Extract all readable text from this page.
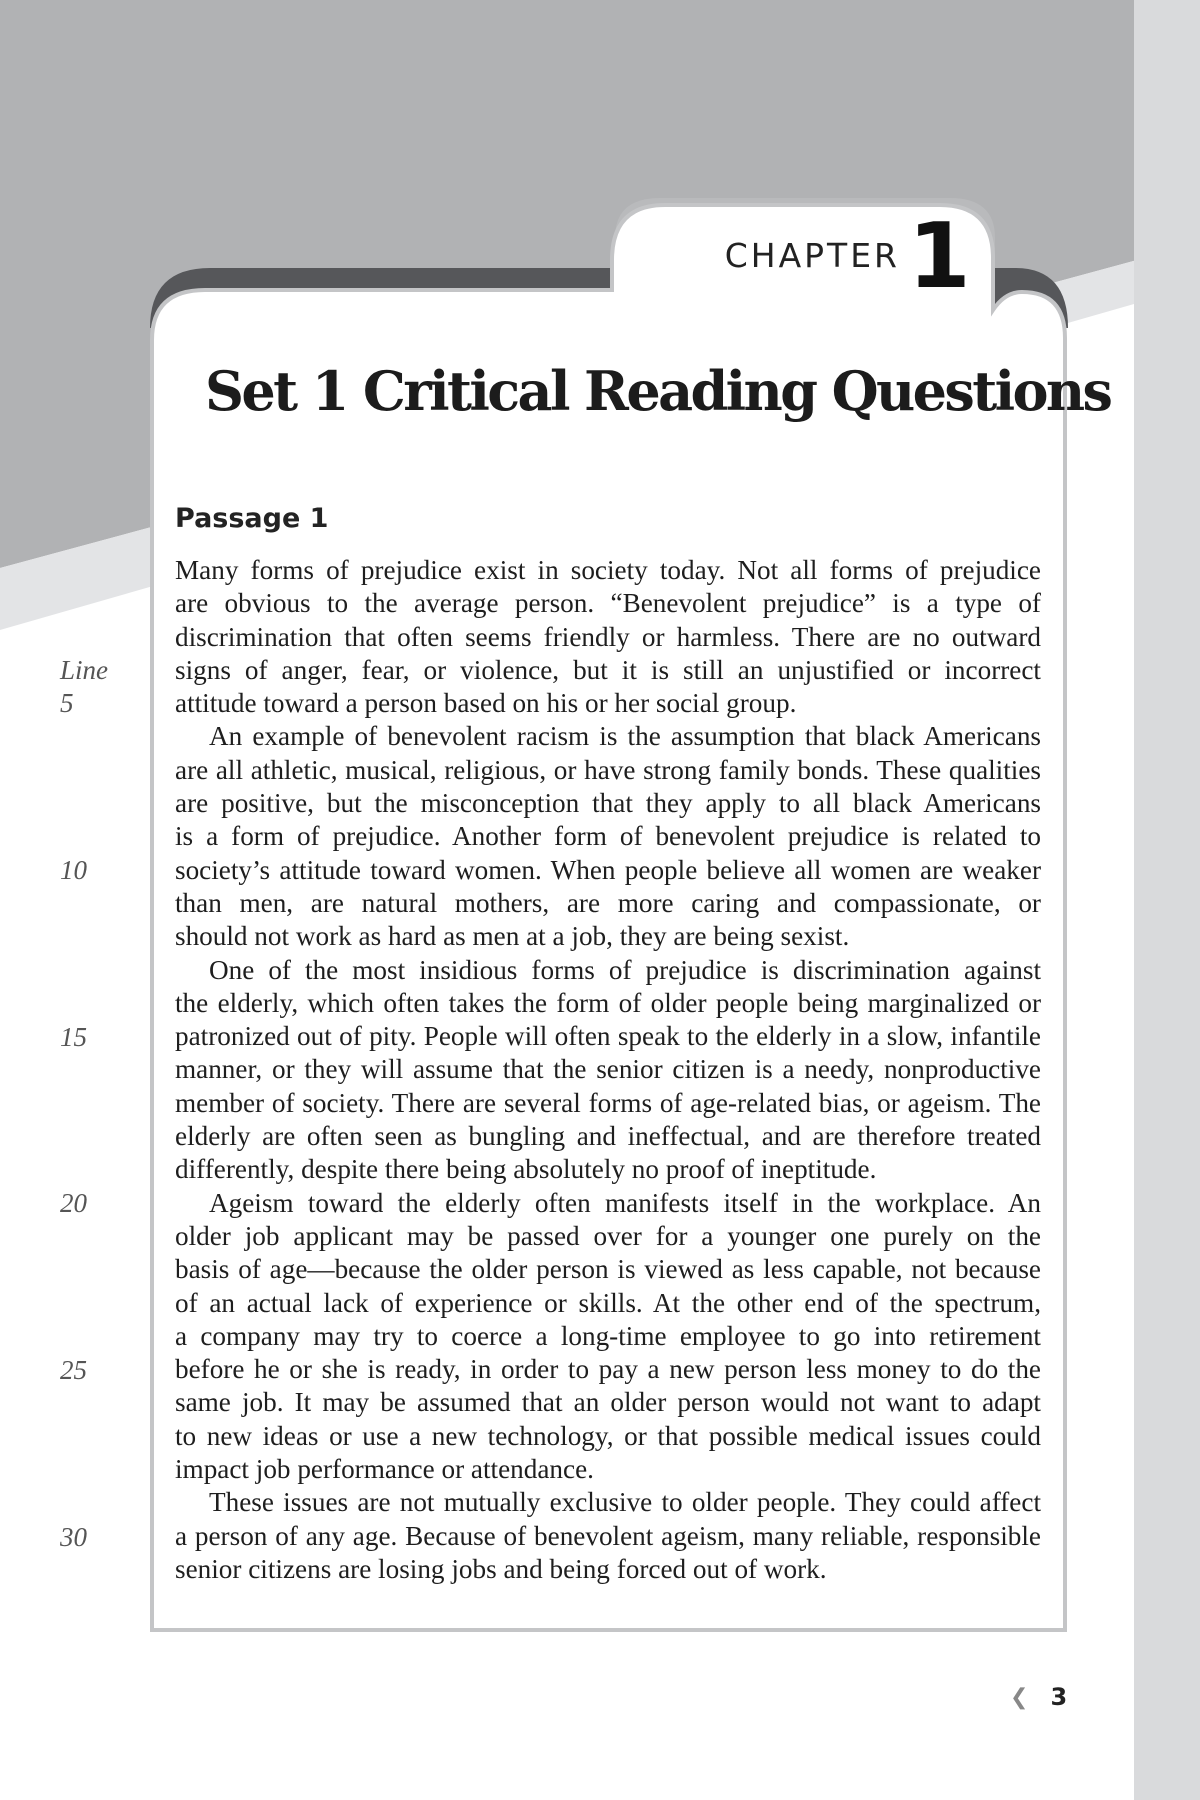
CHAPTER 1
Set 1 Critical Reading Questions
Passage 1
Many forms of prejudice exist in society today. Not all forms of prejudice
are obvious to the average person. “Benevolent prejudice” is a type of
discrimination that often seems friendly or harmless. There are no outward
signs of anger, fear, or violence, but it is still an unjustified or incorrect
attitude toward a person based on his or her social group.
An example of benevolent racism is the assumption that black Americans
are all athletic, musical, religious, or have strong family bonds. These qualities
are positive, but the misconception that they apply to all black Americans
is a form of prejudice. Another form of benevolent prejudice is related to
society’s attitude toward women. When people believe all women are weaker
than men, are natural mothers, are more caring and compassionate, or
should not work as hard as men at a job, they are being sexist.
One of the most insidious forms of prejudice is discrimination against
the elderly, which often takes the form of older people being marginalized or
patronized out of pity. People will often speak to the elderly in a slow, infantile
manner, or they will assume that the senior citizen is a needy, nonproductive
member of society. There are several forms of age-related bias, or ageism. The
elderly are often seen as bungling and ineffectual, and are therefore treated
differently, despite there being absolutely no proof of ineptitude.
Ageism toward the elderly often manifests itself in the workplace. An
older job applicant may be passed over for a younger one purely on the
basis of age—because the older person is viewed as less capable, not because
of an actual lack of experience or skills. At the other end of the spectrum,
a company may try to coerce a long-time employee to go into retirement
before he or she is ready, in order to pay a new person less money to do the
same job. It may be assumed that an older person would not want to adapt
to new ideas or use a new technology, or that possible medical issues could
impact job performance or attendance.
These issues are not mutually exclusive to older people. They could affect
a person of any age. Because of benevolent ageism, many reliable, responsible
senior citizens are losing jobs and being forced out of work.
Line
5
10
15
20
25
30
❮ 3
